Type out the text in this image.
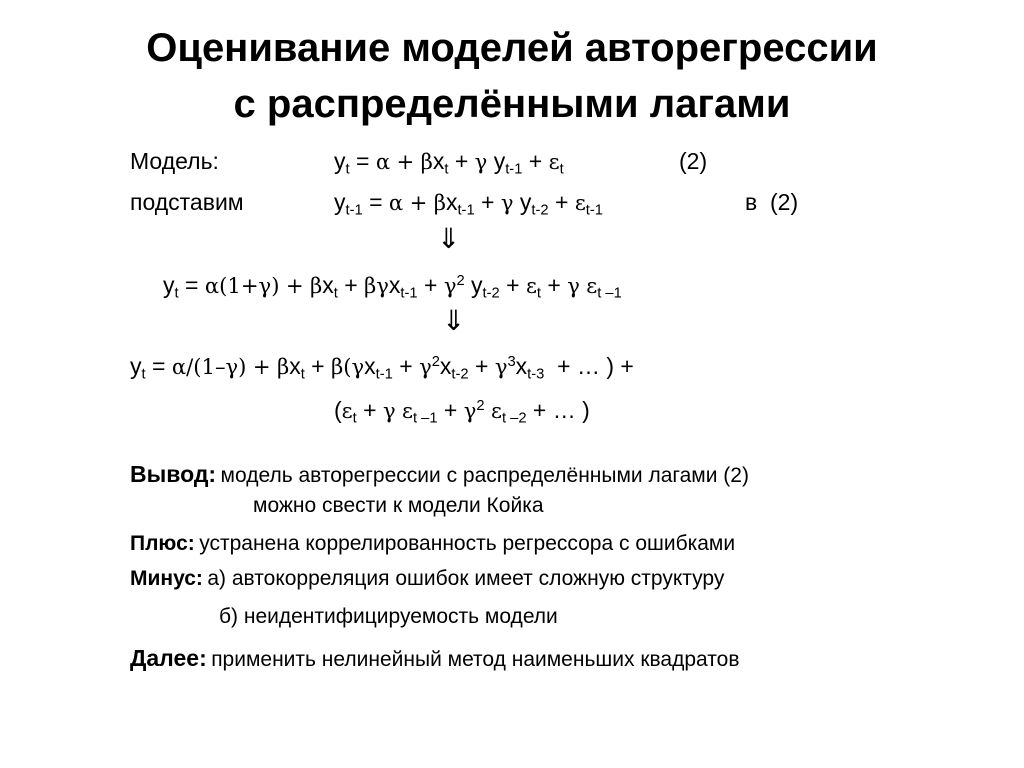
Оценивание моделей авторегрессии
с распределёнными лагами
Модель:	$y_t = \alpha + \beta x_t + \gamma$ $y_{t-1} + \varepsilon_t$	(2)
подставим	$y_{t-1} = \alpha + \beta x_{t-1} + \gamma$ $y_{t-2} + \varepsilon_{t-1}$	в (2)
⇓
$y_t = \alpha(1+\gamma) + \beta x_t + \beta\gamma x_{t-1} + \gamma^2$ $y_{t-2} + \varepsilon_t + \gamma$ $\varepsilon_{t -1}$
⇓
$y_t = \alpha/(1-\gamma) + \beta x_t + \beta(\gamma x_{t-1} + \gamma^2x_{t-2} + \gamma^3x_{t-3}$ + … ) +
($\varepsilon_t + \gamma$ $\varepsilon_{t -1} + \gamma^2$ $\varepsilon_{t -2}$ + … )
Вывод: модель авторегрессии с распределёнными лагами (2)
можно свести к модели Койка
Плюс: устранена коррелированность регрессора с ошибками
Минус: а) автокорреляция ошибок имеет сложную структуру
б) неидентифицируемость модели
Далее: применить нелинейный метод наименьших квадратов
